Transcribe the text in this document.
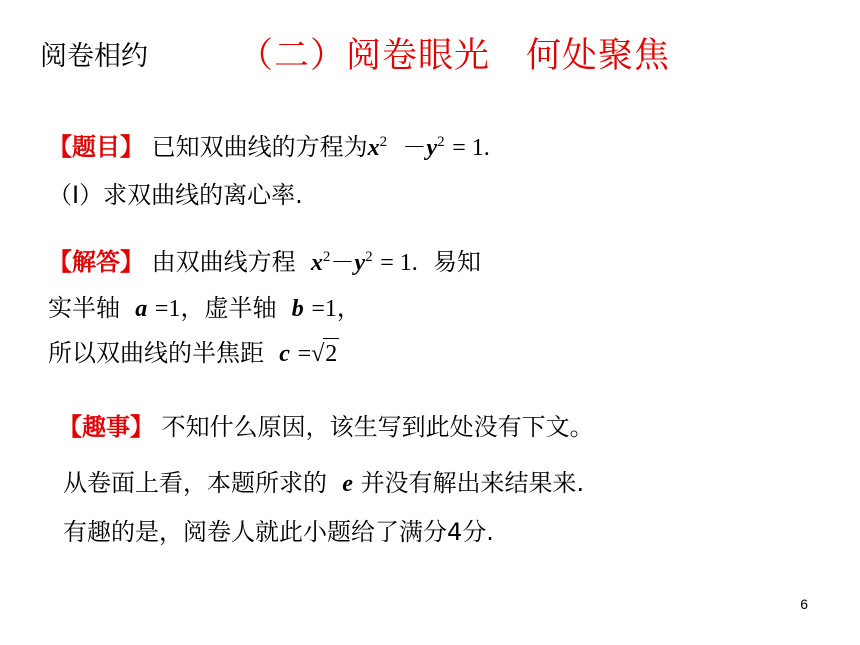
阅卷相约	（二）阅卷眼光　何处聚焦
【题目】 已知双曲线的方程为$x^2 -y^2 = 1$.
（Ⅰ）求双曲线的离心率.
【解答】 由双曲线方程 $x^2-y^2 = 1$. 易知
实半轴 a =1，虚半轴 b =1，
所以双曲线的半焦距 c =√2
【趣事】 不知什么原因，该生写到此处没有下文。
从卷面上看，本题所求的 e 并没有解出来结果来.
有趣的是，阅卷人就此小题给了满分4分.
6
